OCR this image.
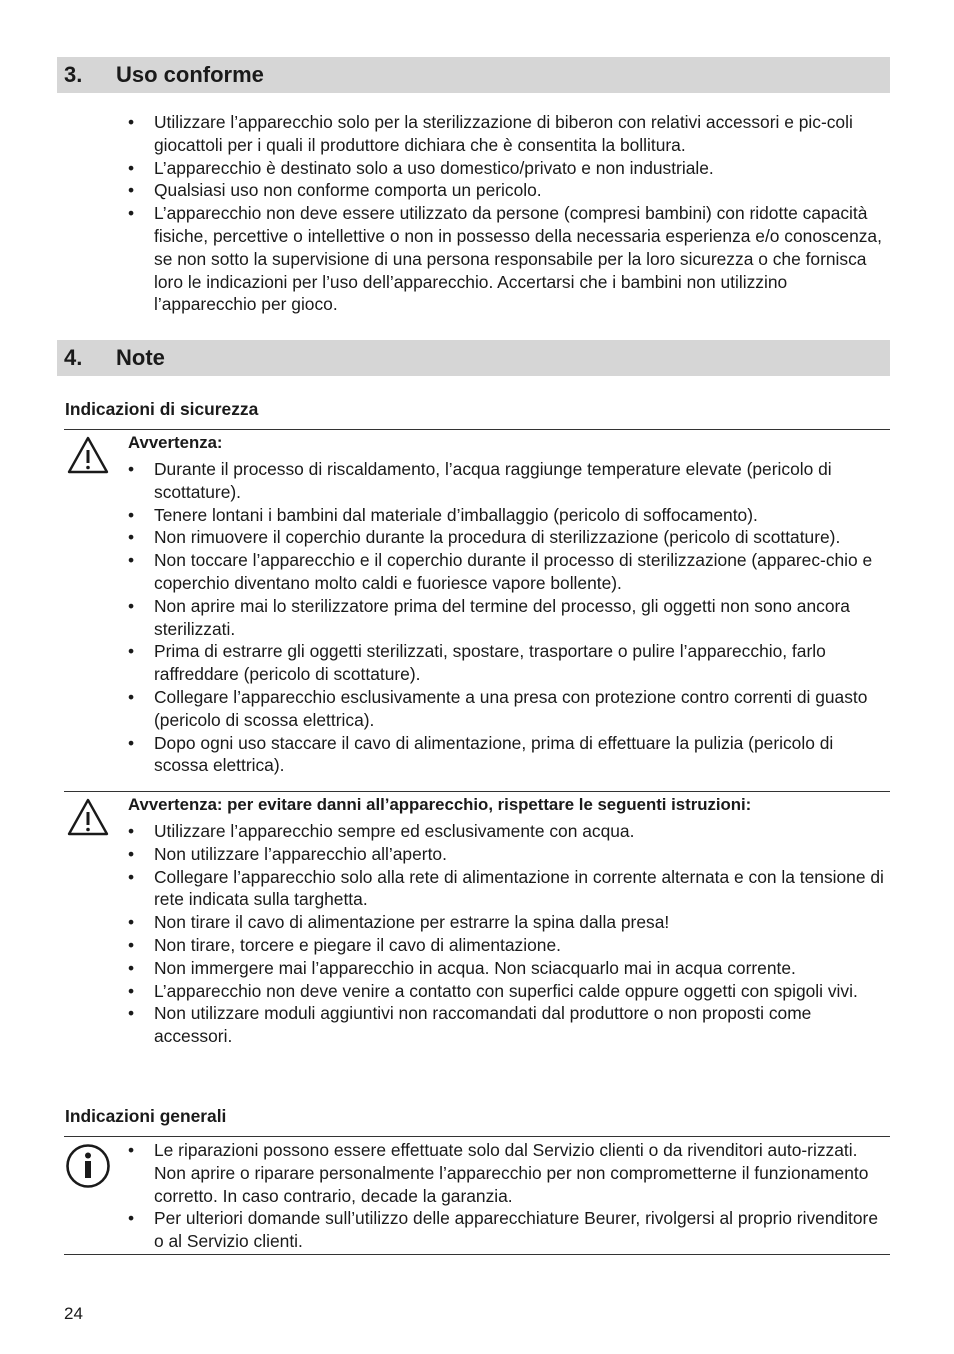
3. Uso conforme
• Utilizzare l’apparecchio solo per la sterilizzazione di biberon con relativi accessori e pic-coli giocattoli per i quali il produttore dichiara che è consentita la bollitura.
• L’apparecchio è destinato solo a uso domestico/privato e non industriale.
• Qualsiasi uso non conforme comporta un pericolo.
• L’apparecchio non deve essere utilizzato da persone (compresi bambini) con ridotte capacità fisiche, percettive o intellettive o non in possesso della necessaria esperienza e/o conoscenza, se non sotto la supervisione di una persona responsabile per la loro sicurezza o che fornisca loro le indicazioni per l’uso dell’apparecchio. Accertarsi che i bambini non utilizzino l’apparecchio per gioco.
4. Note
Indicazioni di sicurezza
Avvertenza:
• Durante il processo di riscaldamento, l’acqua raggiunge temperature elevate (pericolo di scottature).
• Tenere lontani i bambini dal materiale d’imballaggio (pericolo di soffocamento).
• Non rimuovere il coperchio durante la procedura di sterilizzazione (pericolo di scottature).
• Non toccare l’apparecchio e il coperchio durante il processo di sterilizzazione (apparec-chio e coperchio diventano molto caldi e fuoriesce vapore bollente).
• Non aprire mai lo sterilizzatore prima del termine del processo, gli oggetti non sono ancora sterilizzati.
• Prima di estrarre gli oggetti sterilizzati, spostare, trasportare o pulire l’apparecchio, farlo raffreddare (pericolo di scottature).
• Collegare l’apparecchio esclusivamente a una presa con protezione contro correnti di guasto (pericolo di scossa elettrica).
• Dopo ogni uso staccare il cavo di alimentazione, prima di effettuare la pulizia (pericolo di scossa elettrica).
Avvertenza: per evitare danni all’apparecchio, rispettare le seguenti istruzioni:
• Utilizzare l’apparecchio sempre ed esclusivamente con acqua.
• Non utilizzare l’apparecchio all’aperto.
• Collegare l’apparecchio solo alla rete di alimentazione in corrente alternata e con la tensione di rete indicata sulla targhetta.
• Non tirare il cavo di alimentazione per estrarre la spina dalla presa!
• Non tirare, torcere e piegare il cavo di alimentazione.
• Non immergere mai l’apparecchio in acqua. Non sciacquarlo mai in acqua corrente.
• L’apparecchio non deve venire a contatto con superfici calde oppure oggetti con spigoli vivi.
• Non utilizzare moduli aggiuntivi non raccomandati dal produttore o non proposti come accessori.
Indicazioni generali
• Le riparazioni possono essere effettuate solo dal Servizio clienti o da rivenditori auto-rizzati. Non aprire o riparare personalmente l’apparecchio per non comprometterne il funzionamento corretto. In caso contrario, decade la garanzia.
• Per ulteriori domande sull’utilizzo delle apparecchiature Beurer, rivolgersi al proprio rivenditore o al Servizio clienti.
24
